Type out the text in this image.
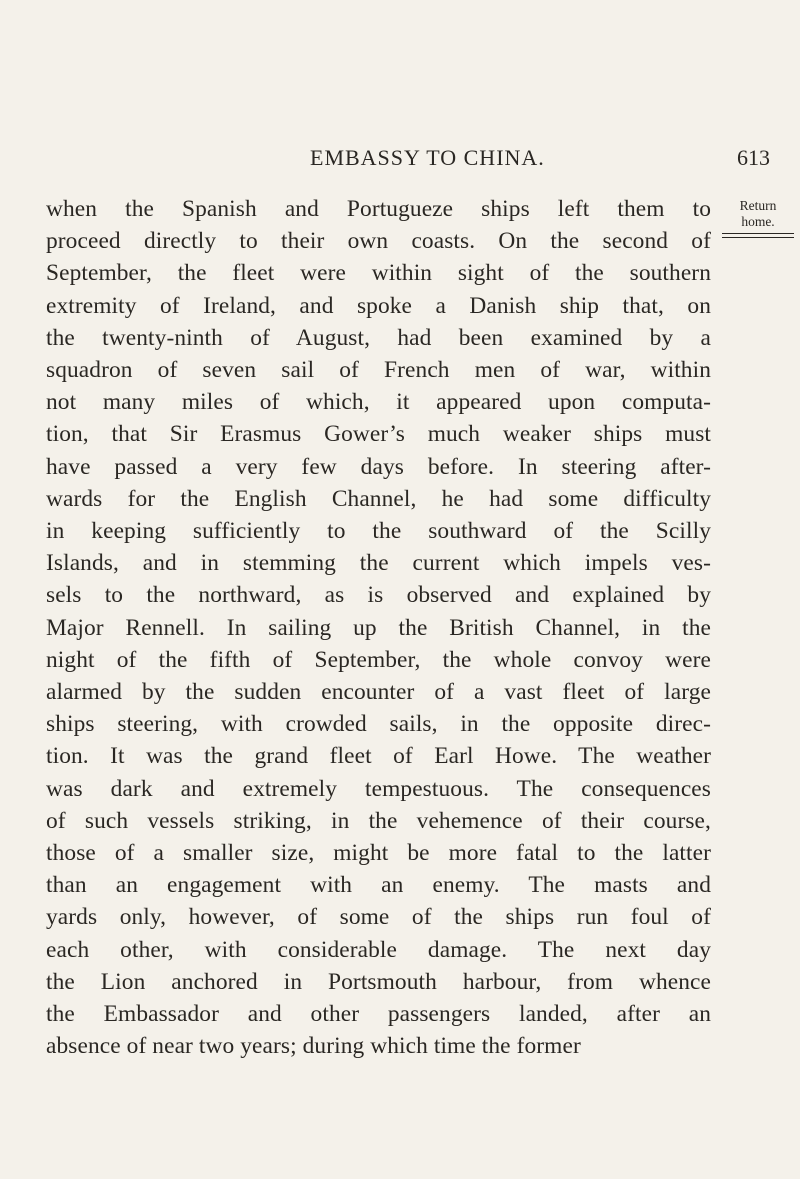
EMBASSY TO CHINA.	613
Return
home.
when the Spanish and Portugueze ships left them to
proceed directly to their own coasts. On the second of
September, the fleet were within sight of the southern
extremity of Ireland, and spoke a Danish ship that, on
the twenty-ninth of August, had been examined by a
squadron of seven sail of French men of war, within
not many miles of which, it appeared upon computa-
tion, that Sir Erasmus Gower’s much weaker ships must
have passed a very few days before. In steering after-
wards for the English Channel, he had some difficulty
in keeping sufficiently to the southward of the Scilly
Islands, and in stemming the current which impels ves-
sels to the northward, as is observed and explained by
Major Rennell. In sailing up the British Channel, in the
night of the fifth of September, the whole convoy were
alarmed by the sudden encounter of a vast fleet of large
ships steering, with crowded sails, in the opposite direc-
tion. It was the grand fleet of Earl Howe. The weather
was dark and extremely tempestuous. The consequences
of such vessels striking, in the vehemence of their course,
those of a smaller size, might be more fatal to the latter
than an engagement with an enemy. The masts and
yards only, however, of some of the ships run foul of
each other, with considerable damage. The next day
the Lion anchored in Portsmouth harbour, from whence
the Embassador and other passengers landed, after an
absence of near two years; during which time the former
